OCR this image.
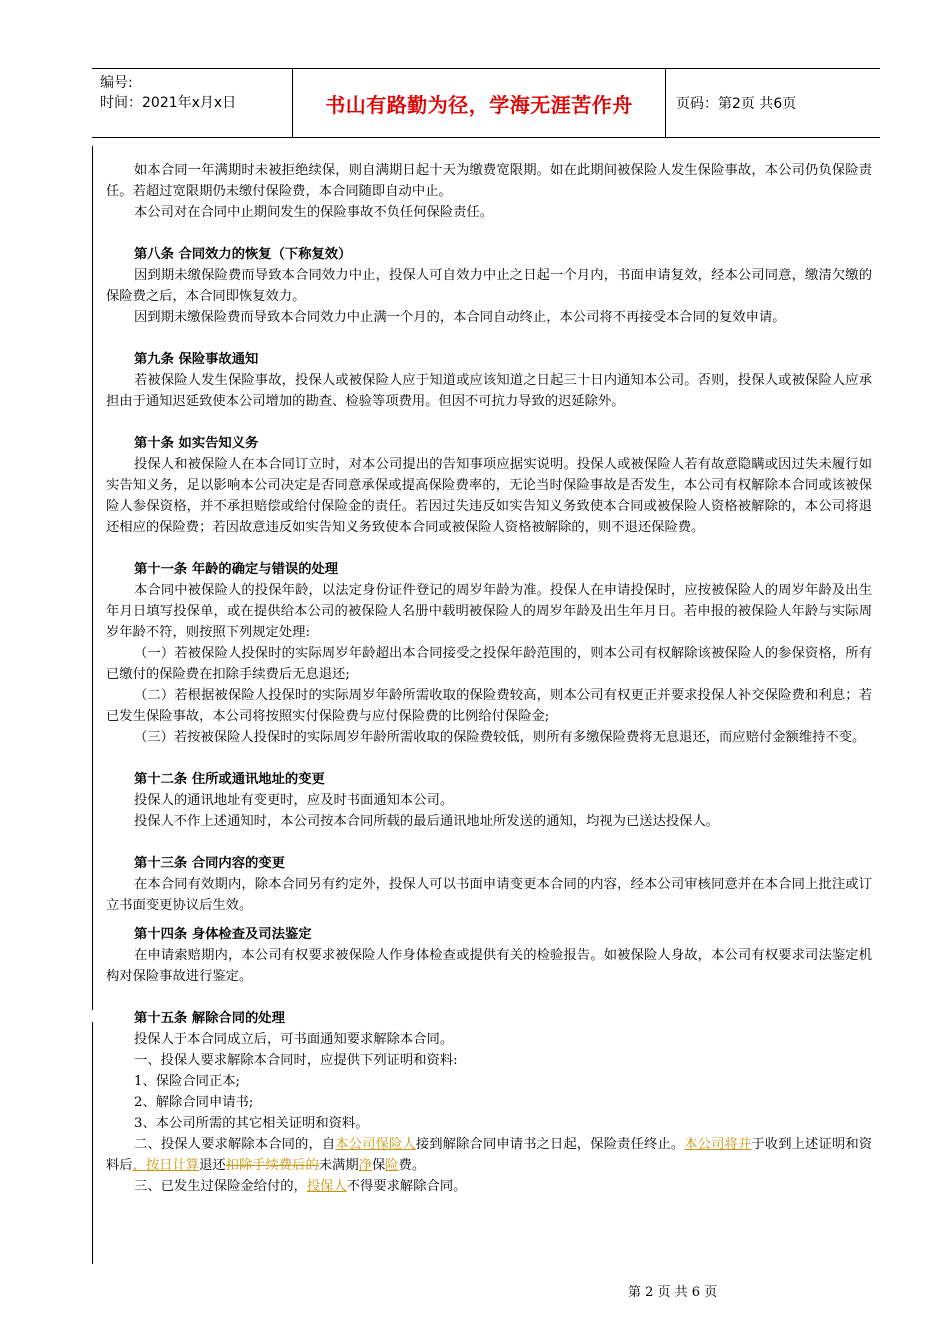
编号:
时间：2021年x月x日	书山有路勤为径，学海无涯苦作舟	页码：第2页 共6页

如本合同一年满期时未被拒绝续保，则自满期日起十天为缴费宽限期。如在此期间被保险人发生保险事故，本公司仍负保险责任。若超过宽限期仍未缴付保险费，本合同随即自动中止。

本公司对在合同中止期间发生的保险事故不负任何保险责任。

第八条 合同效力的恢复（下称复效）

因到期未缴保险费而导致本合同效力中止，投保人可自效力中止之日起一个月内，书面申请复效，经本公司同意，缴清欠缴的保险费之后，本合同即恢复效力。

因到期未缴保险费而导致本合同效力中止满一个月的，本合同自动终止，本公司将不再接受本合同的复效申请。

第九条 保险事故通知

若被保险人发生保险事故，投保人或被保险人应于知道或应该知道之日起三十日内通知本公司。否则，投保人或被保险人应承担由于通知迟延致使本公司增加的勘查、检验等项费用。但因不可抗力导致的迟延除外。

第十条 如实告知义务

投保人和被保险人在本合同订立时，对本公司提出的告知事项应据实说明。投保人或被保险人若有故意隐瞒或因过失未履行如实告知义务，足以影响本公司决定是否同意承保或提高保险费率的，无论当时保险事故是否发生，本公司有权解除本合同或该被保险人参保资格，并不承担赔偿或给付保险金的责任。若因过失违反如实告知义务致使本合同或被保险人资格被解除的，本公司将退还相应的保险费；若因故意违反如实告知义务致使本合同或被保险人资格被解除的，则不退还保险费。

第十一条 年龄的确定与错误的处理

本合同中被保险人的投保年龄，以法定身份证件登记的周岁年龄为准。投保人在申请投保时，应按被保险人的周岁年龄及出生年月日填写投保单，或在提供给本公司的被保险人名册中载明被保险人的周岁年龄及出生年月日。若申报的被保险人年龄与实际周岁年龄不符，则按照下列规定处理:

（一）若被保险人投保时的实际周岁年龄超出本合同接受之投保年龄范围的，则本公司有权解除该被保险人的参保资格，所有已缴付的保险费在扣除手续费后无息退还;

（二）若根据被保险人投保时的实际周岁年龄所需收取的保险费较高，则本公司有权更正并要求投保人补交保险费和利息；若已发生保险事故，本公司将按照实付保险费与应付保险费的比例给付保险金;

（三）若按被保险人投保时的实际周岁年龄所需收取的保险费较低，则所有多缴保险费将无息退还，而应赔付金额维持不变。

第十二条 住所或通讯地址的变更

投保人的通讯地址有变更时，应及时书面通知本公司。

投保人不作上述通知时，本公司按本合同所载的最后通讯地址所发送的通知，均视为已送达投保人。

第十三条 合同内容的变更

在本合同有效期内，除本合同另有约定外，投保人可以书面申请变更本合同的内容，经本公司审核同意并在本合同上批注或订立书面变更协议后生效。

第十四条 身体检查及司法鉴定

在申请索赔期内，本公司有权要求被保险人作身体检查或提供有关的检验报告。如被保险人身故，本公司有权要求司法鉴定机构对保险事故进行鉴定。

第十五条 解除合同的处理

投保人于本合同成立后，可书面通知要求解除本合同。

一、投保人要求解除本合同时，应提供下列证明和资料:

1、保险合同正本;

2、解除合同申请书;

3、本公司所需的其它相关证明和资料。

二、投保人要求解除本合同的，自本公司保险人接到解除合同申请书之日起，保险责任终止。本公司将并于收到上述证明和资料后，按日计算退还扣除手续费后的未满期净保险费。

三、已发生过保险金给付的，投保人不得要求解除合同。

第 2 页 共 6 页
